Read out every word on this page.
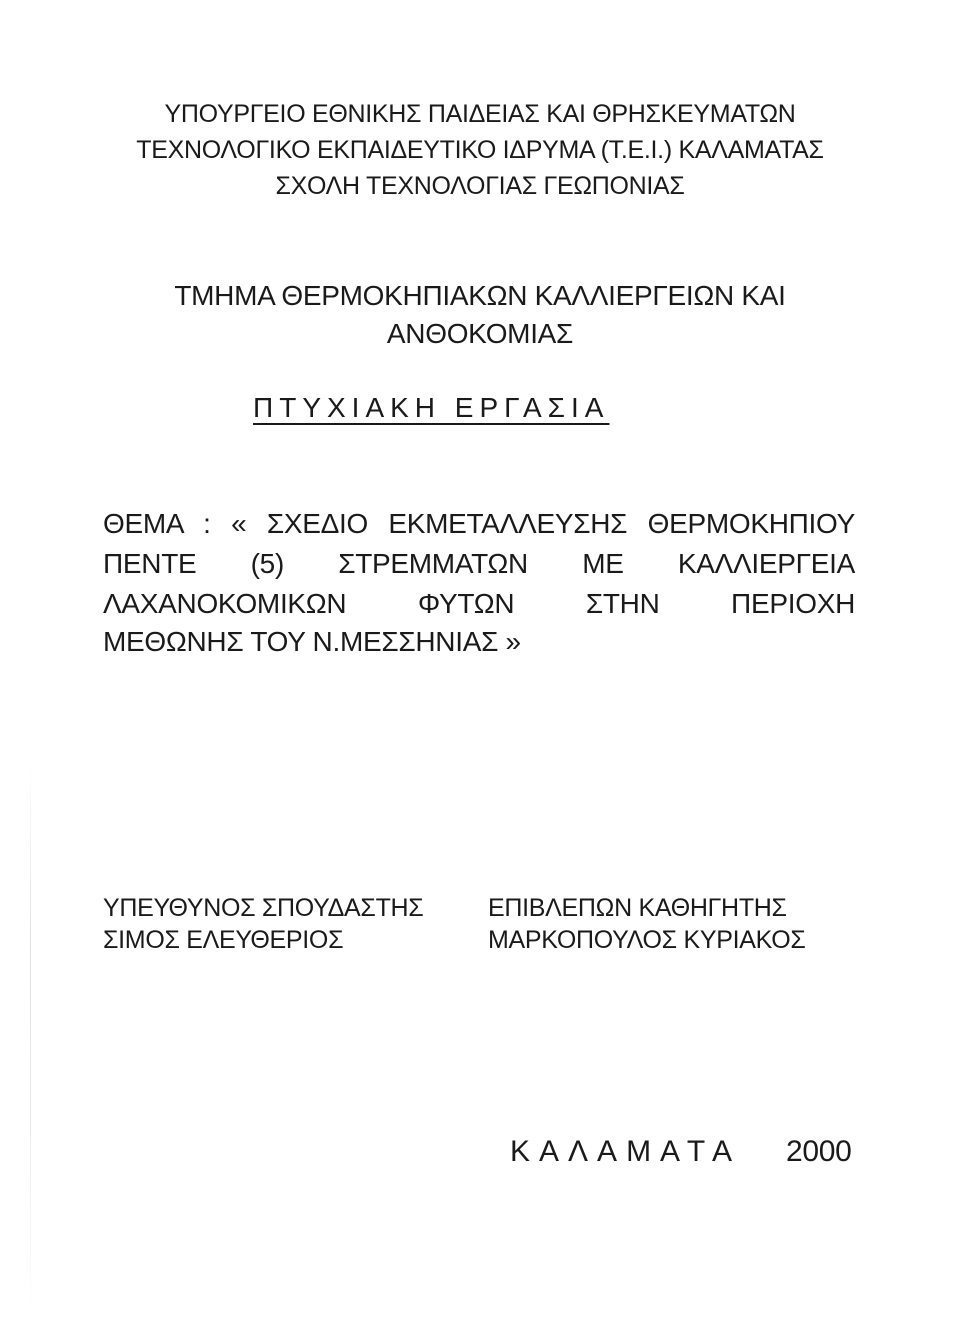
ΥΠΟΥΡΓΕΙΟ ΕΘΝΙΚΗΣ ΠΑΙΔΕΙΑΣ ΚΑΙ ΘΡΗΣΚΕΥΜΑΤΩΝ
ΤΕΧΝΟΛΟΓΙΚΟ ΕΚΠΑΙΔΕΥΤΙΚΟ ΙΔΡΥΜΑ (Τ.Ε.Ι.) ΚΑΛΑΜΑΤΑΣ
ΣΧΟΛΗ ΤΕΧΝΟΛΟΓΙΑΣ ΓΕΩΠΟΝΙΑΣ
ΤΜΗΜΑ ΘΕΡΜΟΚΗΠΙΑΚΩΝ ΚΑΛΛΙΕΡΓΕΙΩΝ ΚΑΙ
ΑΝΘΟΚΟΜΙΑΣ
ΠΤΥΧΙΑΚΗ ΕΡΓΑΣΙΑ
ΘΕΜΑ : « ΣΧΕΔΙΟ ΕΚΜΕΤΑΛΛΕΥΣΗΣ ΘΕΡΜΟΚΗΠΙΟΥ
ΠΕΝΤΕ (5) ΣΤΡΕΜΜΑΤΩΝ ΜΕ ΚΑΛΛΙΕΡΓΕΙΑ
ΛΑΧΑΝΟΚΟΜΙΚΩΝ ΦΥΤΩΝ ΣΤΗΝ ΠΕΡΙΟΧΗ
ΜΕΘΩΝΗΣ ΤΟΥ Ν.ΜΕΣΣΗΝΙΑΣ »
ΥΠΕΥΘΥΝΟΣ ΣΠΟΥΔΑΣΤΗΣ
ΣΙΜΟΣ ΕΛΕΥΘΕΡΙΟΣ
ΕΠΙΒΛΕΠΩΝ ΚΑΘΗΓΗΤΗΣ
ΜΑΡΚΟΠΟΥΛΟΣ ΚΥΡΙΑΚΟΣ
ΚΑΛΑΜΑΤΑ 2000
